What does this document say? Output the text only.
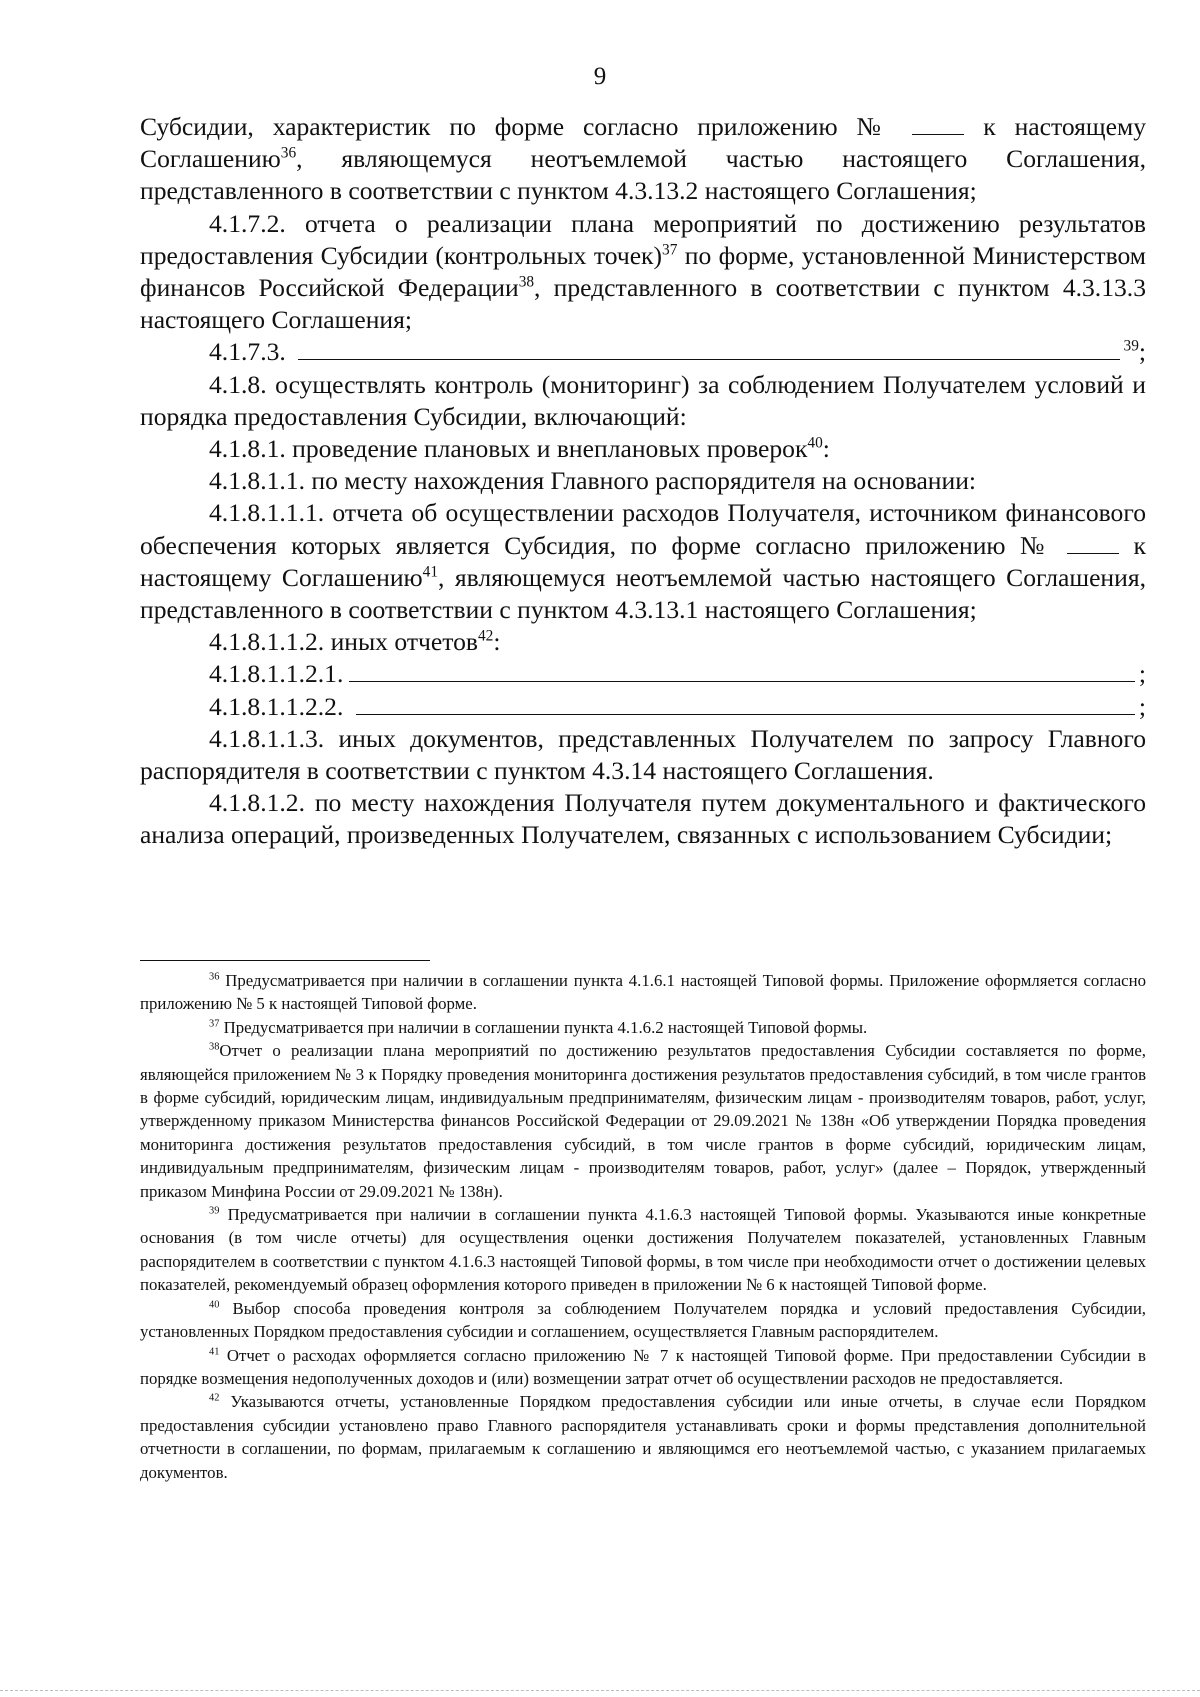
9

Субсидии, характеристик по форме согласно приложению №  к настоящему Соглашению$^{36}$, являющемуся неотъемлемой частью настоящего Соглашения, представленного в соответствии с пунктом 4.3.13.2 настоящего Соглашения;

4.1.7.2. отчета о реализации плана мероприятий по достижению результатов предоставления Субсидии (контрольных точек)$^{37}$ по форме, установленной Министерством финансов Российской Федерации$^{38}$, представленного в соответствии с пунктом 4.3.13.3 настоящего Соглашения;

4.1.7.3.	$^{39}$;

4.1.8. осуществлять контроль (мониторинг) за соблюдением Получателем условий и порядка предоставления Субсидии, включающий:

4.1.8.1. проведение плановых и внеплановых проверок$^{40}$:

4.1.8.1.1. по месту нахождения Главного распорядителя на основании:

4.1.8.1.1.1. отчета об осуществлении расходов Получателя, источником финансового обеспечения которых является Субсидия, по форме согласно приложению №  к настоящему Соглашению$^{41}$, являющемуся неотъемлемой частью настоящего Соглашения, представленного в соответствии с пунктом 4.3.13.1 настоящего Соглашения;

4.1.8.1.1.2. иных отчетов$^{42}$:

4.1.8.1.1.2.1.	;
4.1.8.1.1.2.2.	;

4.1.8.1.1.3. иных документов, представленных Получателем по запросу Главного распорядителя в соответствии с пунктом 4.3.14 настоящего Соглашения.

4.1.8.1.2. по месту нахождения Получателя путем документального и фактического анализа операций, произведенных Получателем, связанных с использованием Субсидии;

$^{36}$ Предусматривается при наличии в соглашении пункта 4.1.6.1 настоящей Типовой формы. Приложение оформляется согласно приложению № 5 к настоящей Типовой форме.

$^{37}$ Предусматривается при наличии в соглашении пункта 4.1.6.2 настоящей Типовой формы.

$^{38}$Отчет о реализации плана мероприятий по достижению результатов предоставления Субсидии составляется по форме, являющейся приложением № 3 к Порядку проведения мониторинга достижения результатов предоставления субсидий, в том числе грантов в форме субсидий, юридическим лицам, индивидуальным предпринимателям, физическим лицам - производителям товаров, работ, услуг, утвержденному приказом Министерства финансов Российской Федерации от 29.09.2021 № 138н «Об утверждении Порядка проведения мониторинга достижения результатов предоставления субсидий, в том числе грантов в форме субсидий, юридическим лицам, индивидуальным предпринимателям, физическим лицам - производителям товаров, работ, услуг» (далее – Порядок, утвержденный приказом Минфина России от 29.09.2021 № 138н).

$^{39}$ Предусматривается при наличии в соглашении пункта 4.1.6.3 настоящей Типовой формы. Указываются иные конкретные основания (в том числе отчеты) для осуществления оценки достижения Получателем показателей, установленных Главным распорядителем в соответствии с пунктом 4.1.6.3 настоящей Типовой формы, в том числе при необходимости отчет о достижении целевых показателей, рекомендуемый образец оформления которого приведен в приложении № 6 к настоящей Типовой форме.

$^{40}$ Выбор способа проведения контроля за соблюдением Получателем порядка и условий предоставления Субсидии, установленных Порядком предоставления субсидии и соглашением, осуществляется Главным распорядителем.

$^{41}$ Отчет о расходах оформляется согласно приложению № 7 к настоящей Типовой форме. При предоставлении Субсидии в порядке возмещения недополученных доходов и (или) возмещении затрат отчет об осуществлении расходов не предоставляется.

$^{42}$ Указываются отчеты, установленные Порядком предоставления субсидии или иные отчеты, в случае если Порядком предоставления субсидии установлено право Главного распорядителя устанавливать сроки и формы представления дополнительной отчетности в соглашении, по формам, прилагаемым к соглашению и являющимся его неотъемлемой частью, с указанием прилагаемых документов.
